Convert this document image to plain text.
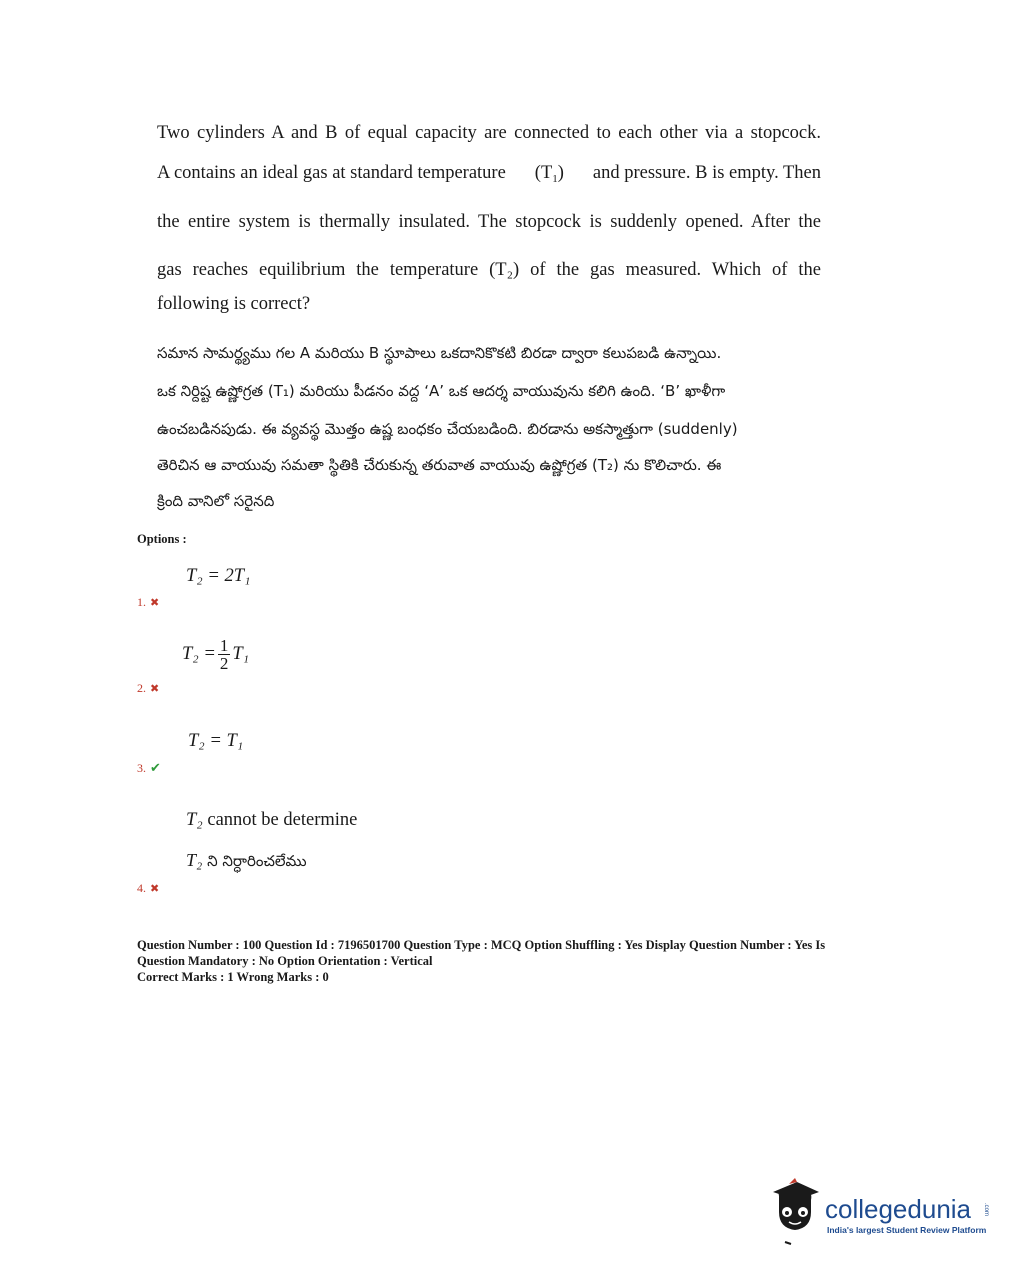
Two cylinders A and B of equal capacity are connected to each other via a stopcock.
A contains an ideal gas at standard temperature $(T_1)$ and pressure. B is empty. Then
the entire system is thermally insulated. The stopcock is suddenly opened. After the
gas reaches equilibrium the temperature (T₂) of the gas measured. Which of the
following is correct?
సమాన సామర్థ్యము గల A మరియు B స్థూపాలు ఒకదానికొకటి బిరడా ద్వారా కలుపబడి ఉన్నాయి.
ఒక నిర్దిష్ట ఉష్ణోగ్రత (T₁) మరియు పీడనం వద్ద ‘A’ ఒక ఆదర్శ వాయువును కలిగి ఉంది. ‘B’ ఖాళీగా
ఉంచబడినపుడు. ఈ వ్యవస్థ మొత్తం ఉష్ణ బంధకం చేయబడింది. బిరడాను అకస్మాత్తుగా (suddenly)
తెరిచిన ఆ వాయువు సమతా స్థితికి చేరుకున్న తరువాత వాయువు ఉష్ణోగ్రత (T₂) ను కొలిచారు. ఈ
క్రింది వానిలో సరైనది
Options :
T₂ = 2T₁
1. ✖
$T_2 = \frac{1}{2} T_1$
2. ✖
T₂ = T₁
3. ✔
T₂ cannot be determine
T₂ ని నిర్ధారించలేము
4. ✖
Question Number : 100 Question Id : 7196501700 Question Type : MCQ Option Shuffling : Yes Display Question Number : Yes Is
Question Mandatory : No Option Orientation : Vertical
Correct Marks : 1 Wrong Marks : 0
collegedunia .com
India's largest Student Review Platform
